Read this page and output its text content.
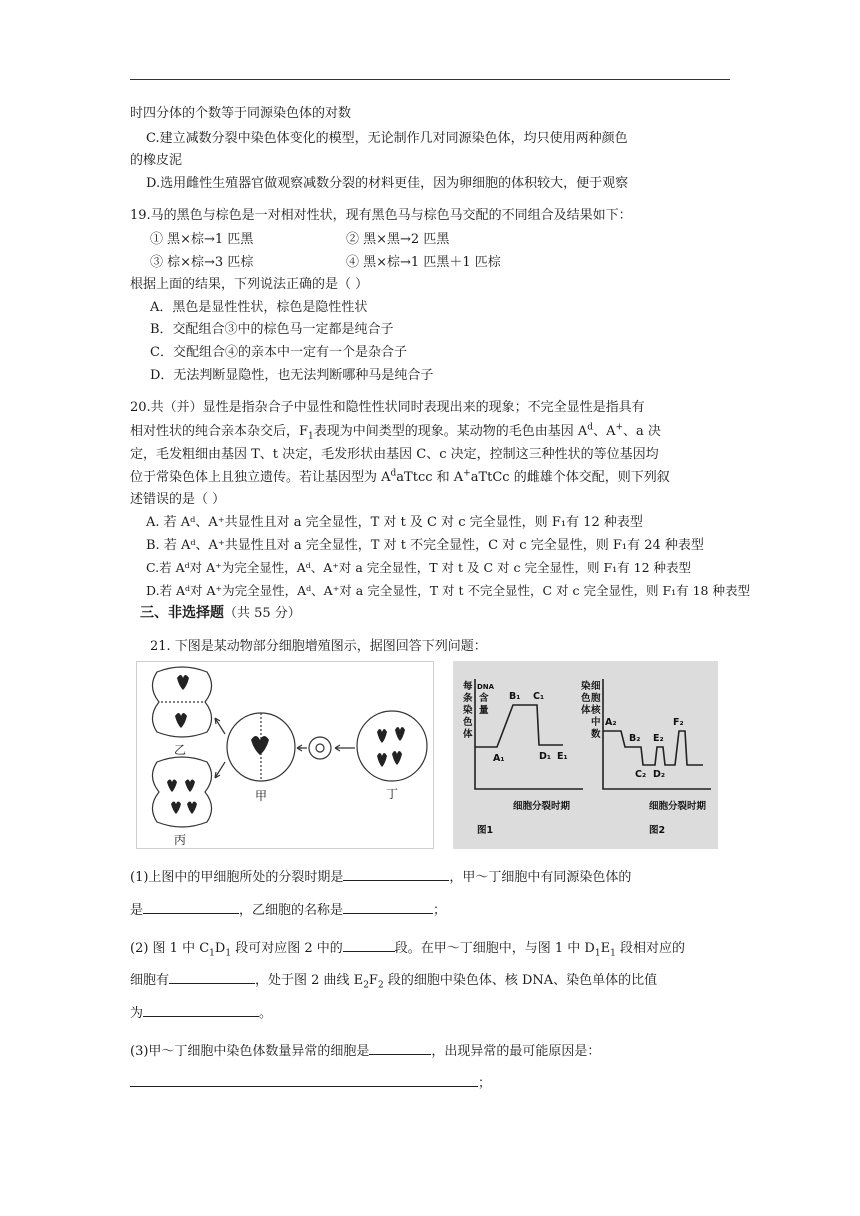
时四分体的个数等于同源染色体的对数
C.建立减数分裂中染色体变化的模型，无论制作几对同源染色体，均只使用两种颜色
的橡皮泥
D.选用雌性生殖器官做观察减数分裂的材料更佳，因为卵细胞的体积较大，便于观察
19.马的黑色与棕色是一对相对性状，现有黑色马与棕色马交配的不同组合及结果如下：
① 黑×棕→1 匹黑	② 黑×黑→2 匹黑
③ 棕×棕→3 匹棕	④ 黑×棕→1 匹黑＋1 匹棕
根据上面的结果，下列说法正确的是（ ）
A．黑色是显性性状，棕色是隐性性状
B．交配组合③中的棕色马一定都是纯合子
C．交配组合④的亲本中一定有一个是杂合子
D．无法判断显隐性，也无法判断哪种马是纯合子
20.共（并）显性是指杂合子中显性和隐性性状同时表现出来的现象；不完全显性是指具有
相对性状的纯合亲本杂交后，$F_1$表现为中间类型的现象。某动物的毛色由基因 $A^d$、A+、a 决
定，毛发粗细由基因 T、t 决定，毛发形状由基因 C、c 决定，控制这三种性状的等位基因均
位于常染色体上且独立遗传。若让基因型为 $A^daTtcc$ 和 A+aTtCc 的雌雄个体交配，则下列叙
述错误的是（ ）
A. 若 Aᵈ、A⁺共显性且对 a 完全显性，T 对 t 及 C 对 c 完全显性，则 F₁有 12 种表型
B. 若 Aᵈ、A⁺共显性且对 a 完全显性，T 对 t 不完全显性，C 对 c 完全显性，则 F₁有 24 种表型
C.若 Aᵈ对 A⁺为完全显性，Aᵈ、A⁺对 a 完全显性，T 对 t 及 C 对 c 完全显性，则 F₁有 12 种表型
D.若 Aᵈ对 A⁺为完全显性，Aᵈ、A⁺对 a 完全显性，T 对 t 不完全显性，C 对 c 完全显性，则 F₁有 18 种表型
三、非选择题（共 55 分）
21. 下图是某动物部分细胞增殖图示，据图回答下列问题：
乙
丙
甲	丁
每
条
染
色
体
DNA
含
量
A₁
B₁ C₁
D₁ E₁
细胞分裂时期
图1
染
色
体
细
胞
核
中
数
A₂
B₂
C₂ D₂
E₂
F₂
细胞分裂时期
图2
(1)上图中的甲细胞所处的分裂时期是	，甲～丁细胞中有同源染色体的
是	，乙细胞的名称是	；
(2) 图 1 中 $C_1D_1$ 段可对应图 2 中的	段。在甲～丁细胞中，与图 1 中 $D_1E_1$ 段相对应的
细胞有	，处于图 2 曲线 $E_2F_2$ 段的细胞中染色体、核 DNA、染色单体的比值
为	。
(3)甲～丁细胞中染色体数量异常的细胞是	，出现异常的最可能原因是：
；
